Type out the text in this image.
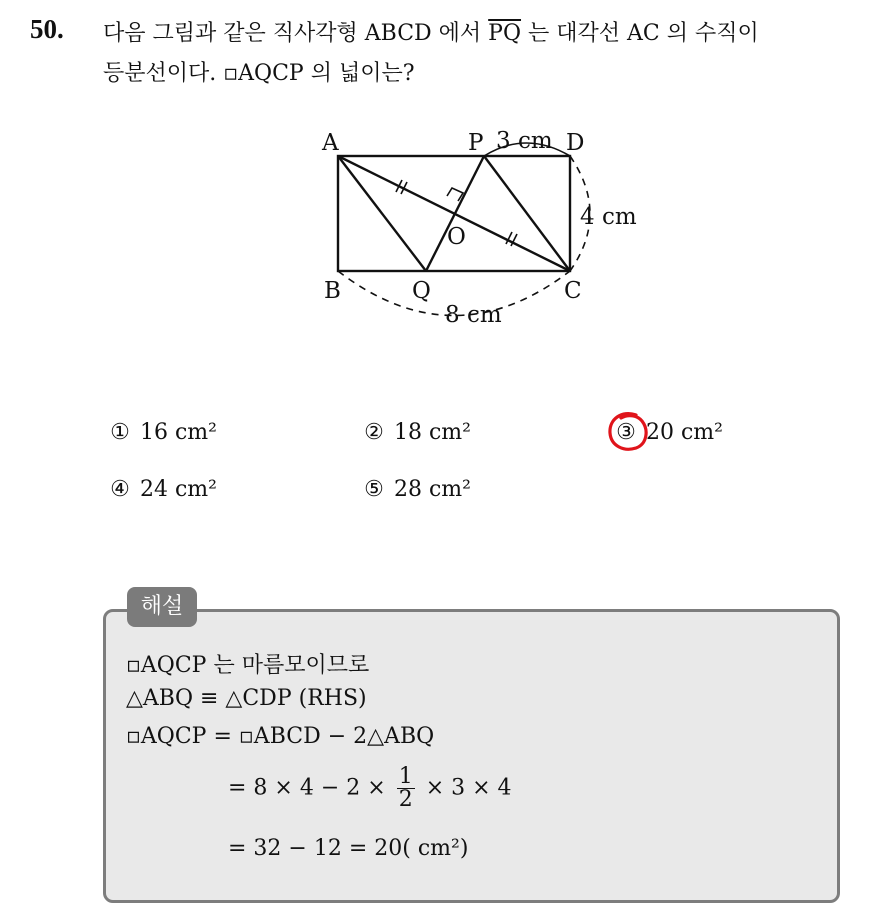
50. 다음 그림과 같은 직사각형 ABCD 에서 $\overline{PQ}$ 는 대각선 AC 의 수직이
등분선이다. ▫AQCP 의 넓이는?
A	P	D
B	Q	C
O
3 cm
4 cm
8 cm
① 16 cm²	② 18 cm²	③ 20 cm²
④ 24 cm²	⑤ 28 cm²
해설
▫AQCP 는 마름모이므로
△ABQ ≡ △CDP (RHS)
▫AQCP = ▫ABCD − 2△ABQ
= $8 \times 4 - 2 \times \frac{1}{2} \times 3 \times 4$
= 32 − 12 = 20( cm²)
